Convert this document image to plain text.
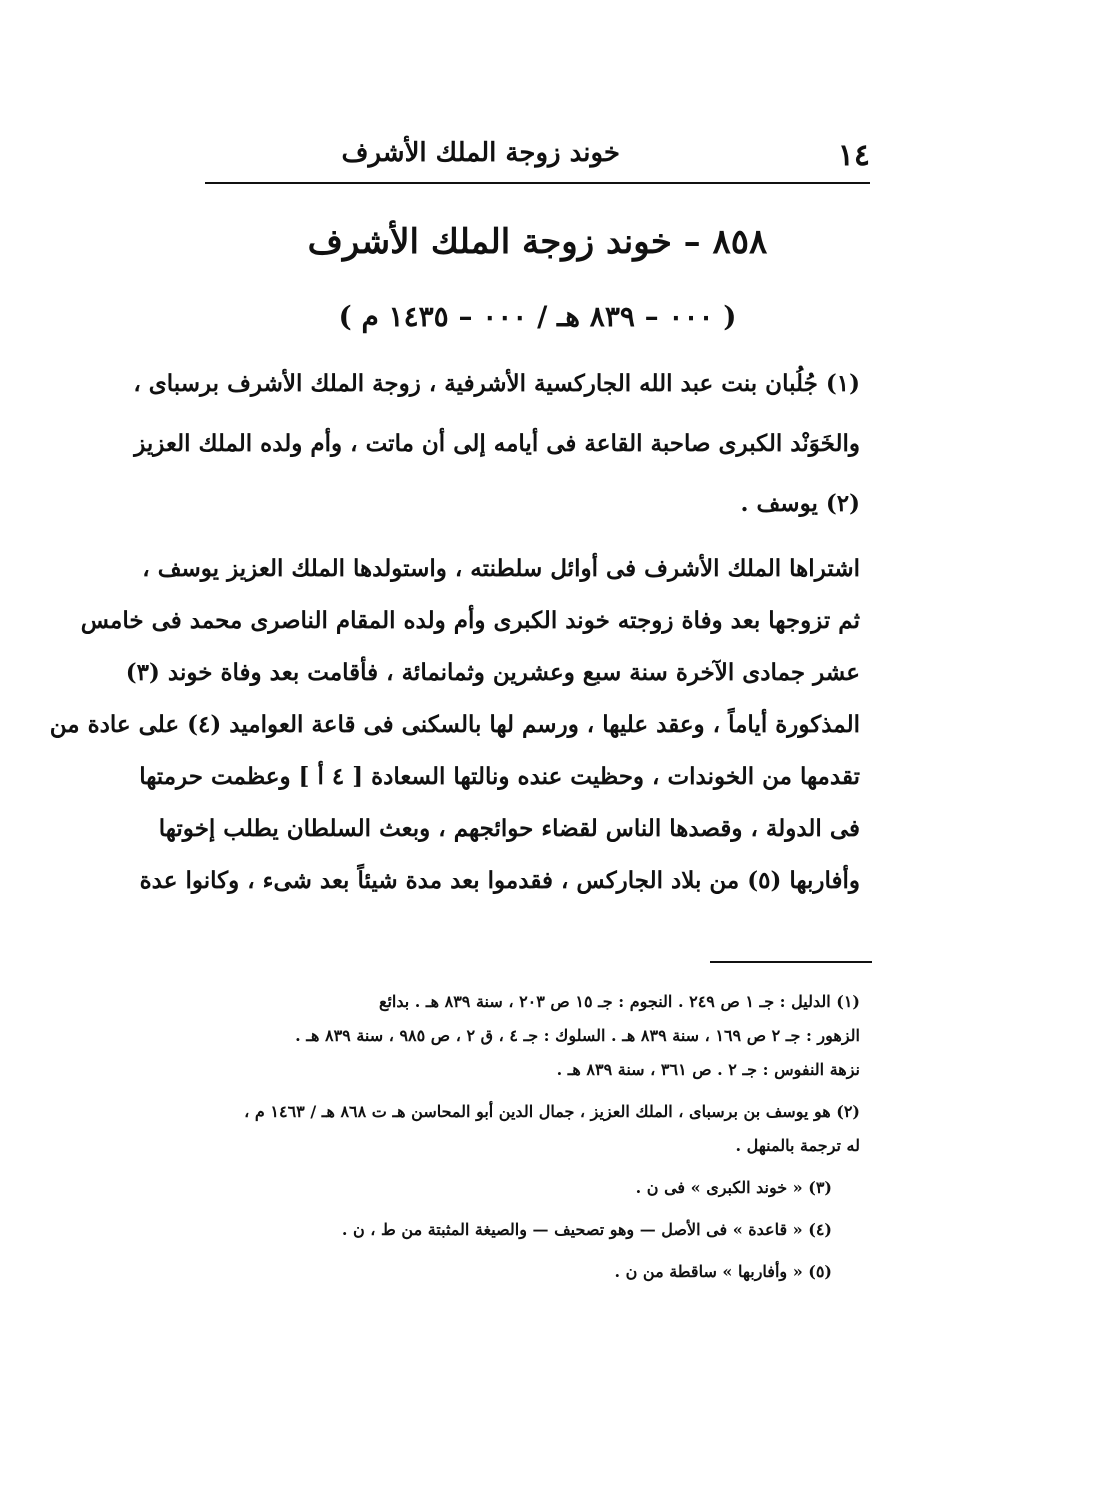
١٤
خوند زوجة الملك الأشرف
٨٥٨ – خوند زوجة الملك الأشرف
( ٠٠٠ – ٨٣٩ هـ / ٠٠٠ – ١٤٣٥ م )
(١) جُلُبان بنت عبد الله الجاركسية الأشرفية ، زوجة الملك الأشرف برسباى ،
والخَوَنْد الكبرى صاحبة القاعة فى أيامه إلى أن ماتت ، وأم ولده الملك العزيز
(٢) يوسف .
اشتراها الملك الأشرف فى أوائل سلطنته ، واستولدها الملك العزيز يوسف ،
ثم تزوجها بعد وفاة زوجته خوند الكبرى وأم ولده المقام الناصرى محمد فى خامس
عشر جمادى الآخرة سنة سبع وعشرين وثمانمائة ، فأقامت بعد وفاة خوند (٣)
المذكورة أياماً ، وعقد عليها ، ورسم لها بالسكنى فى قاعة العواميد (٤) على عادة من
تقدمها من الخوندات ، وحظيت عنده ونالتها السعادة [ ٤ أ ] وعظمت حرمتها
فى الدولة ، وقصدها الناس لقضاء حوائجهم ، وبعث السلطان يطلب إخوتها
وأفاربها (٥) من بلاد الجاركس ، فقدموا بعد مدة شيئاً بعد شىء ، وكانوا عدة
(١) الدليل : جـ ١ ص ٢٤٩ . النجوم : جـ ١٥ ص ٢٠٣ ، سنة ٨٣٩ هـ . بدائع
الزهور : جـ ٢ ص ١٦٩ ، سنة ٨٣٩ هـ . السلوك : جـ ٤ ، ق ٢ ، ص ٩٨٥ ، سنة ٨٣٩ هـ .
نزهة النفوس : جـ ٢ . ص ٣٦١ ، سنة ٨٣٩ هـ .
(٢) هو يوسف بن برسباى ، الملك العزيز ، جمال الدين أبو المحاسن هـ ت ٨٦٨ هـ / ١٤٦٣ م ،
له ترجمة بالمنهل .
(٣) « خوند الكبرى » فى ن .
(٤) « قاعدة » فى الأصل — وهو تصحيف — والصيغة المثبتة من ط ، ن .
(٥) « وأفاربها » ساقطة من ن .
